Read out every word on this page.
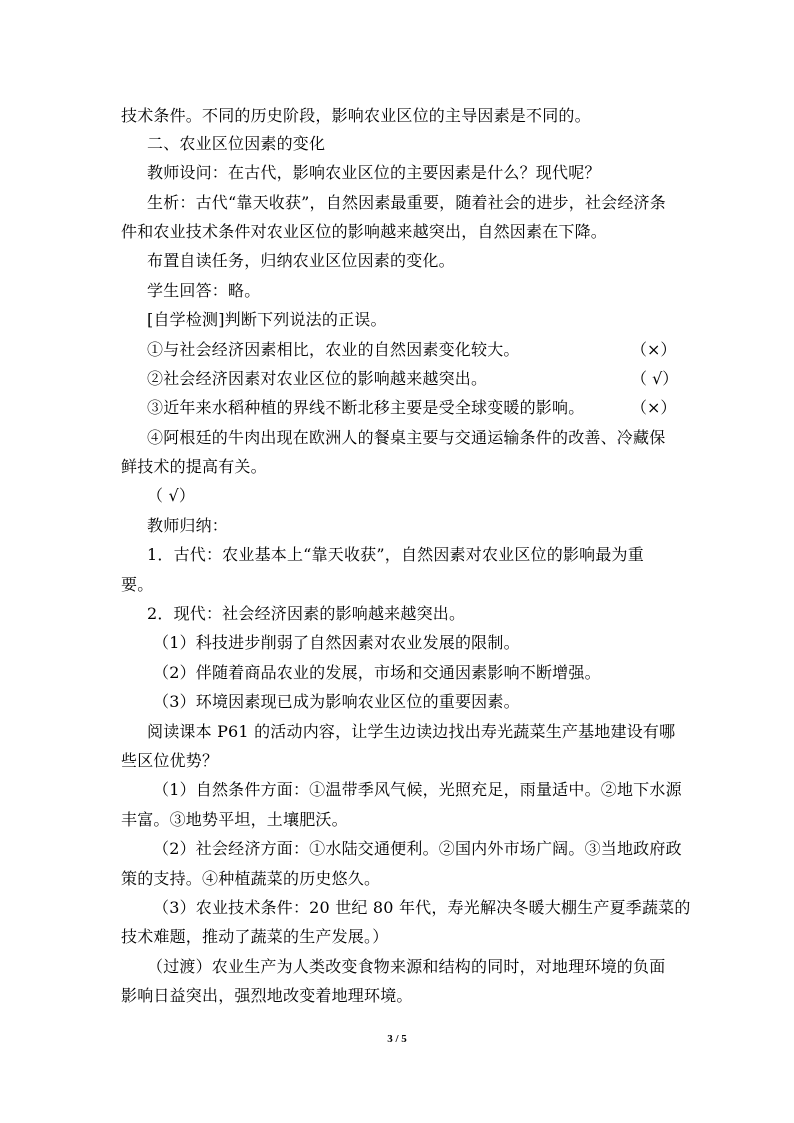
技术条件。不同的历史阶段，影响农业区位的主导因素是不同的。
二、农业区位因素的变化
教师设问：在古代，影响农业区位的主要因素是什么？现代呢？
生析：古代“靠天收获”，自然因素最重要，随着社会的进步，社会经济条
件和农业技术条件对农业区位的影响越来越突出，自然因素在下降。
布置自读任务，归纳农业区位因素的变化。
学生回答：略。
[自学检测]判断下列说法的正误。
①与社会经济因素相比，农业的自然因素变化较大。	（×）
②社会经济因素对农业区位的影响越来越突出。	（ √）
③近年来水稻种植的界线不断北移主要是受全球变暖的影响。	（×）
④阿根廷的牛肉出现在欧洲人的餐桌主要与交通运输条件的改善、冷藏保
鲜技术的提高有关。
（ √）
教师归纳：
1．古代：农业基本上“靠天收获”，自然因素对农业区位的影响最为重
要。
2．现代：社会经济因素的影响越来越突出。
（1）科技进步削弱了自然因素对农业发展的限制。
（2）伴随着商品农业的发展，市场和交通因素影响不断增强。
（3）环境因素现已成为影响农业区位的重要因素。
阅读课本 P61 的活动内容，让学生边读边找出寿光蔬菜生产基地建设有哪
些区位优势？
（1）自然条件方面：①温带季风气候，光照充足，雨量适中。②地下水源
丰富。③地势平坦，土壤肥沃。
（2）社会经济方面：①水陆交通便利。②国内外市场广阔。③当地政府政
策的支持。④种植蔬菜的历史悠久。
（3）农业技术条件：20 世纪 80 年代，寿光解决冬暖大棚生产夏季蔬菜的
技术难题，推动了蔬菜的生产发展。）
（过渡）农业生产为人类改变食物来源和结构的同时，对地理环境的负面
影响日益突出，强烈地改变着地理环境。
3 / 5
